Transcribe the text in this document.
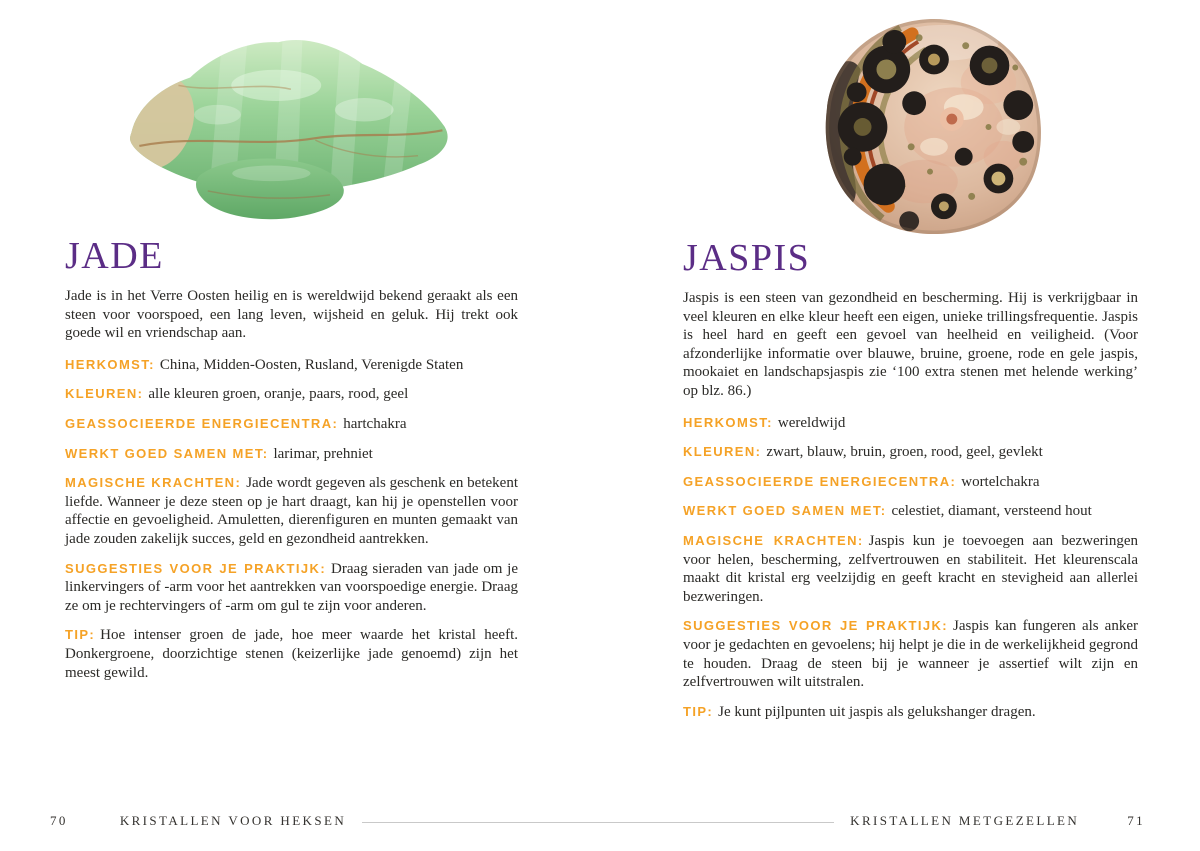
JADE

Jade is in het Verre Oosten heilig en is wereldwijd bekend geraakt als een steen voor voorspoed, een lang leven, wijsheid en geluk. Hij trekt ook goede wil en vriendschap aan.

HERKOMST: China, Midden-Oosten, Rusland, Verenigde Staten

KLEUREN: alle kleuren groen, oranje, paars, rood, geel

GEASSOCIEERDE ENERGIECENTRA: hartchakra

WERKT GOED SAMEN MET: larimar, prehniet

MAGISCHE KRACHTEN: Jade wordt gegeven als geschenk en betekent liefde. Wanneer je deze steen op je hart draagt, kan hij je openstellen voor affectie en gevoeligheid. Amuletten, dierenfiguren en munten gemaakt van jade zouden zakelijk succes, geld en gezondheid aantrekken.

SUGGESTIES VOOR JE PRAKTIJK: Draag sieraden van jade om je linkervingers of -arm voor het aantrekken van voorspoedige energie. Draag ze om je rechtervingers of -arm om gul te zijn voor anderen.

TIP: Hoe intenser groen de jade, hoe meer waarde het kristal heeft. Donkergroene, doorzichtige stenen (keizerlijke jade genoemd) zijn het meest gewild.

JASPIS

Jaspis is een steen van gezondheid en bescherming. Hij is verkrijgbaar in veel kleuren en elke kleur heeft een eigen, unieke trillingsfrequentie. Jaspis is heel hard en geeft een gevoel van heelheid en veiligheid. (Voor afzonderlijke informatie over blauwe, bruine, groene, rode en gele jaspis, mookaiet en landschapsjaspis zie ‘100 extra stenen met helende werking’ op blz. 86.)

HERKOMST: wereldwijd

KLEUREN: zwart, blauw, bruin, groen, rood, geel, gevlekt

GEASSOCIEERDE ENERGIECENTRA: wortelchakra

WERKT GOED SAMEN MET: celestiet, diamant, versteend hout

MAGISCHE KRACHTEN: Jaspis kun je toevoegen aan bezweringen voor helen, bescherming, zelfvertrouwen en stabiliteit. Het kleurenscala maakt dit kristal erg veelzijdig en geeft kracht en stevigheid aan allerlei bezweringen.

SUGGESTIES VOOR JE PRAKTIJK: Jaspis kan fungeren als anker voor je gedachten en gevoelens; hij helpt je die in de werkelijkheid gegrond te houden. Draag de steen bij je wanneer je assertief wilt zijn en zelfvertrouwen wilt uitstralen.

TIP: Je kunt pijlpunten uit jaspis als gelukshanger dragen.

70	KRISTALLEN VOOR HEKSEN	KRISTALLEN METGEZELLEN	71
